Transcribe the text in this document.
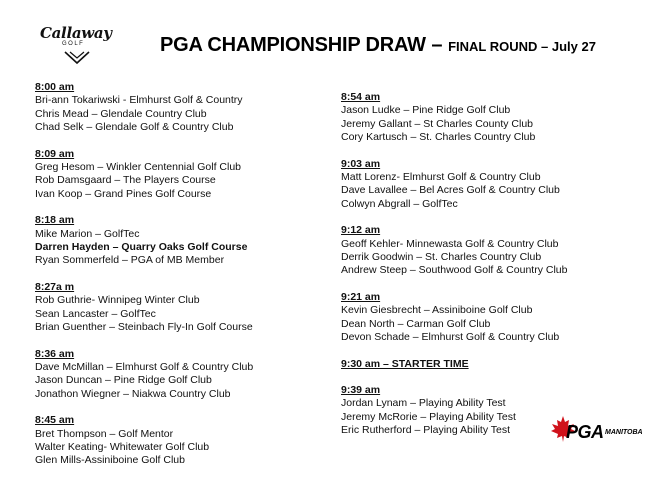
Callaway
GOLF	PGA CHAMPIONSHIP DRAW – FINAL ROUND – July 27
8:00 am
Bri-ann Tokariwski - Elmhurst Golf & Country
Chris Mead – Glendale Country Club
Chad Selk – Glendale Golf & Country Club
8:09 am
Greg Hesom – Winkler Centennial Golf Club
Rob Damsgaard – The Players Course
Ivan Koop – Grand Pines Golf Course
8:18 am
Mike Marion – GolfTec
Darren Hayden – Quarry Oaks Golf Course
Ryan Sommerfeld – PGA of MB Member
8:27a m
Rob Guthrie- Winnipeg Winter Club
Sean Lancaster – GolfTec
Brian Guenther – Steinbach Fly-In Golf Course
8:36 am
Dave McMillan – Elmhurst Golf & Country Club
Jason Duncan – Pine Ridge Golf Club
Jonathon Wiegner – Niakwa Country Club
8:45 am
Bret Thompson – Golf Mentor
Walter Keating- Whitewater Golf Club
Glen Mills-Assiniboine Golf Club
8:54 am
Jason Ludke – Pine Ridge Golf Club
Jeremy Gallant – St Charles County Club
Cory Kartusch – St. Charles Country Club
9:03 am
Matt Lorenz- Elmhurst Golf & Country Club
Dave Lavallee – Bel Acres Golf & Country Club
Colwyn Abgrall – GolfTec
9:12 am
Geoff Kehler- Minnewasta Golf & Country Club
Derrik Goodwin – St. Charles Country Club
Andrew Steep – Southwood Golf & Country Club
9:21 am
Kevin Giesbrecht – Assiniboine Golf Club
Dean North – Carman Golf Club
Devon Schade – Elmhurst Golf & Country Club
9:30 am – STARTER TIME
9:39 am
Jordan Lynam – Playing Ability Test
Jeremy McRorie – Playing Ability Test
Eric Rutherford – Playing Ability Test	PGA MANITOBA
